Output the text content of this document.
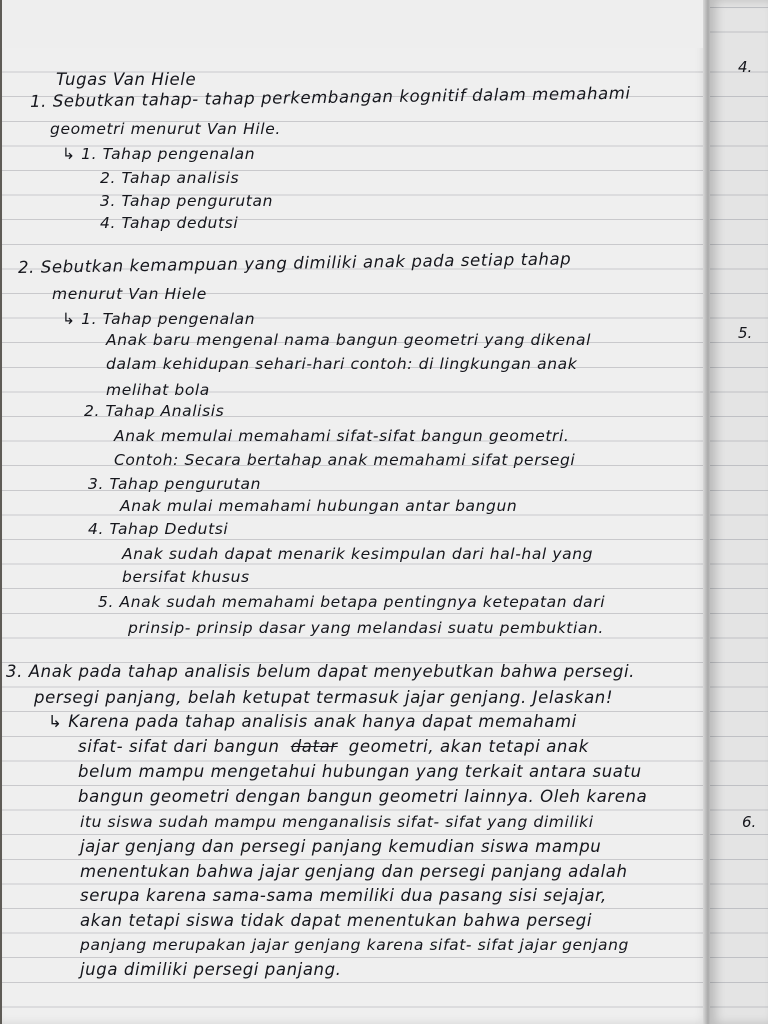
Tugas Van Hiele
1. Sebutkan tahap- tahap perkembangan kognitif dalam memahami
geometri menurut Van Hile.
↳ 1. Tahap pengenalan
2. Tahap analisis
3. Tahap pengurutan
4. Tahap dedutsi
2. Sebutkan kemampuan yang dimiliki anak pada setiap tahap
menurut Van Hiele
↳ 1. Tahap pengenalan
Anak baru mengenal nama bangun geometri yang dikenal
dalam kehidupan sehari-hari contoh: di lingkungan anak
melihat bola
2. Tahap Analisis
Anak memulai memahami sifat-sifat bangun geometri.
Contoh: Secara bertahap anak memahami sifat persegi
3. Tahap pengurutan
Anak mulai memahami hubungan antar bangun
4. Tahap Dedutsi
Anak sudah dapat menarik kesimpulan dari hal-hal yang
bersifat khusus
5. Anak sudah memahami betapa pentingnya ketepatan dari
prinsip- prinsip dasar yang melandasi suatu pembuktian.
3. Anak pada tahap analisis belum dapat menyebutkan bahwa persegi.
persegi panjang, belah ketupat termasuk jajar genjang. Jelaskan!
↳ Karena pada tahap analisis anak hanya dapat memahami
sifat- sifat dari bangun datar geometri, akan tetapi anak
belum mampu mengetahui hubungan yang terkait antara suatu
bangun geometri dengan bangun geometri lainnya. Oleh karena
itu siswa sudah mampu menganalisis sifat- sifat yang dimiliki
jajar genjang dan persegi panjang kemudian siswa mampu
menentukan bahwa jajar genjang dan persegi panjang adalah
serupa karena sama-sama memiliki dua pasang sisi sejajar,
akan tetapi siswa tidak dapat menentukan bahwa persegi
panjang merupakan jajar genjang karena sifat- sifat jajar genjang
juga dimiliki persegi panjang.
4.
5.
6.
